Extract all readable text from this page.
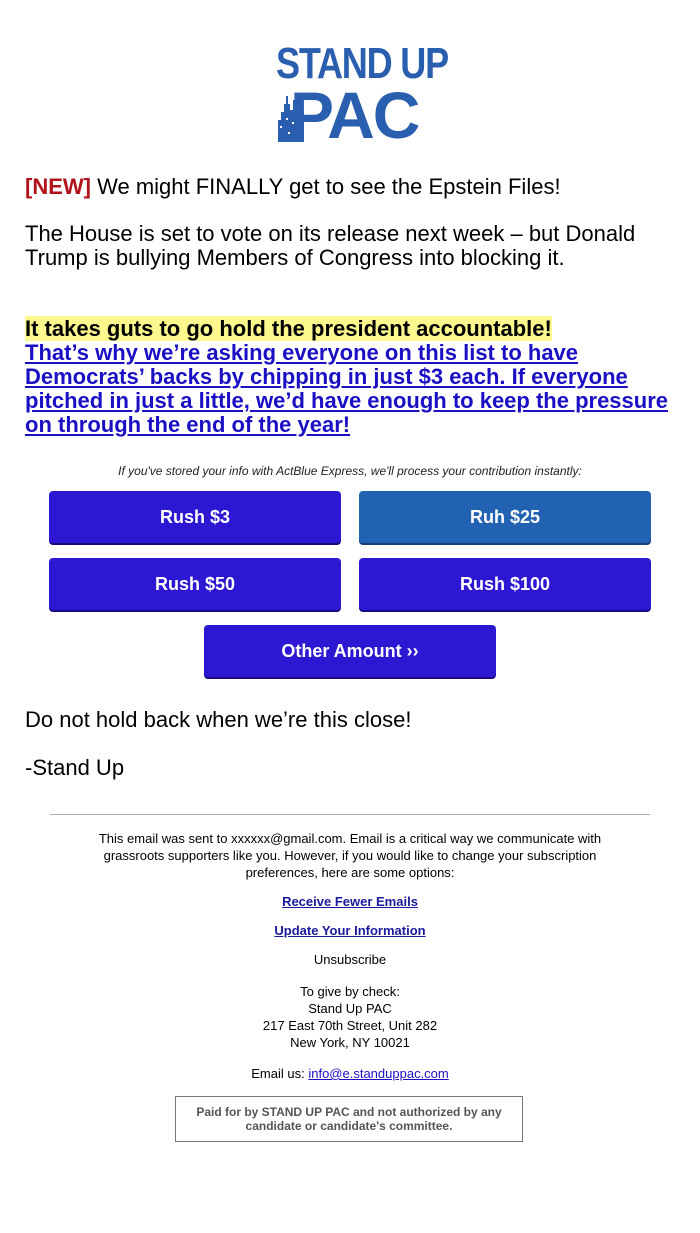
STAND UP
PAC
[NEW] We might FINALLY get to see the Epstein Files!
The House is set to vote on its release next week – but Donald Trump is bullying Members of Congress into blocking it.
It takes guts to go hold the president accountable!
That’s why we’re asking everyone on this list to have Democrats’ backs by chipping in just $3 each. If everyone pitched in just a little, we’d have enough to keep the pressure on through the end of the year!
If you've stored your info with ActBlue Express, we'll process your contribution instantly:
Rush $3	Ruh $25
Rush $50	Rush $100
Other Amount ››
Do not hold back when we’re this close!
-Stand Up
This email was sent to xxxxxx@gmail.com. Email is a critical way we communicate with grassroots supporters like you. However, if you would like to change your subscription preferences, here are some options:
Receive Fewer Emails
Update Your Information
Unsubscribe
To give by check:
Stand Up PAC
217 East 70th Street, Unit 282
New York, NY 10021
Email us: info@e.standuppac.com
Paid for by STAND UP PAC and not authorized by any candidate or candidate's committee.
